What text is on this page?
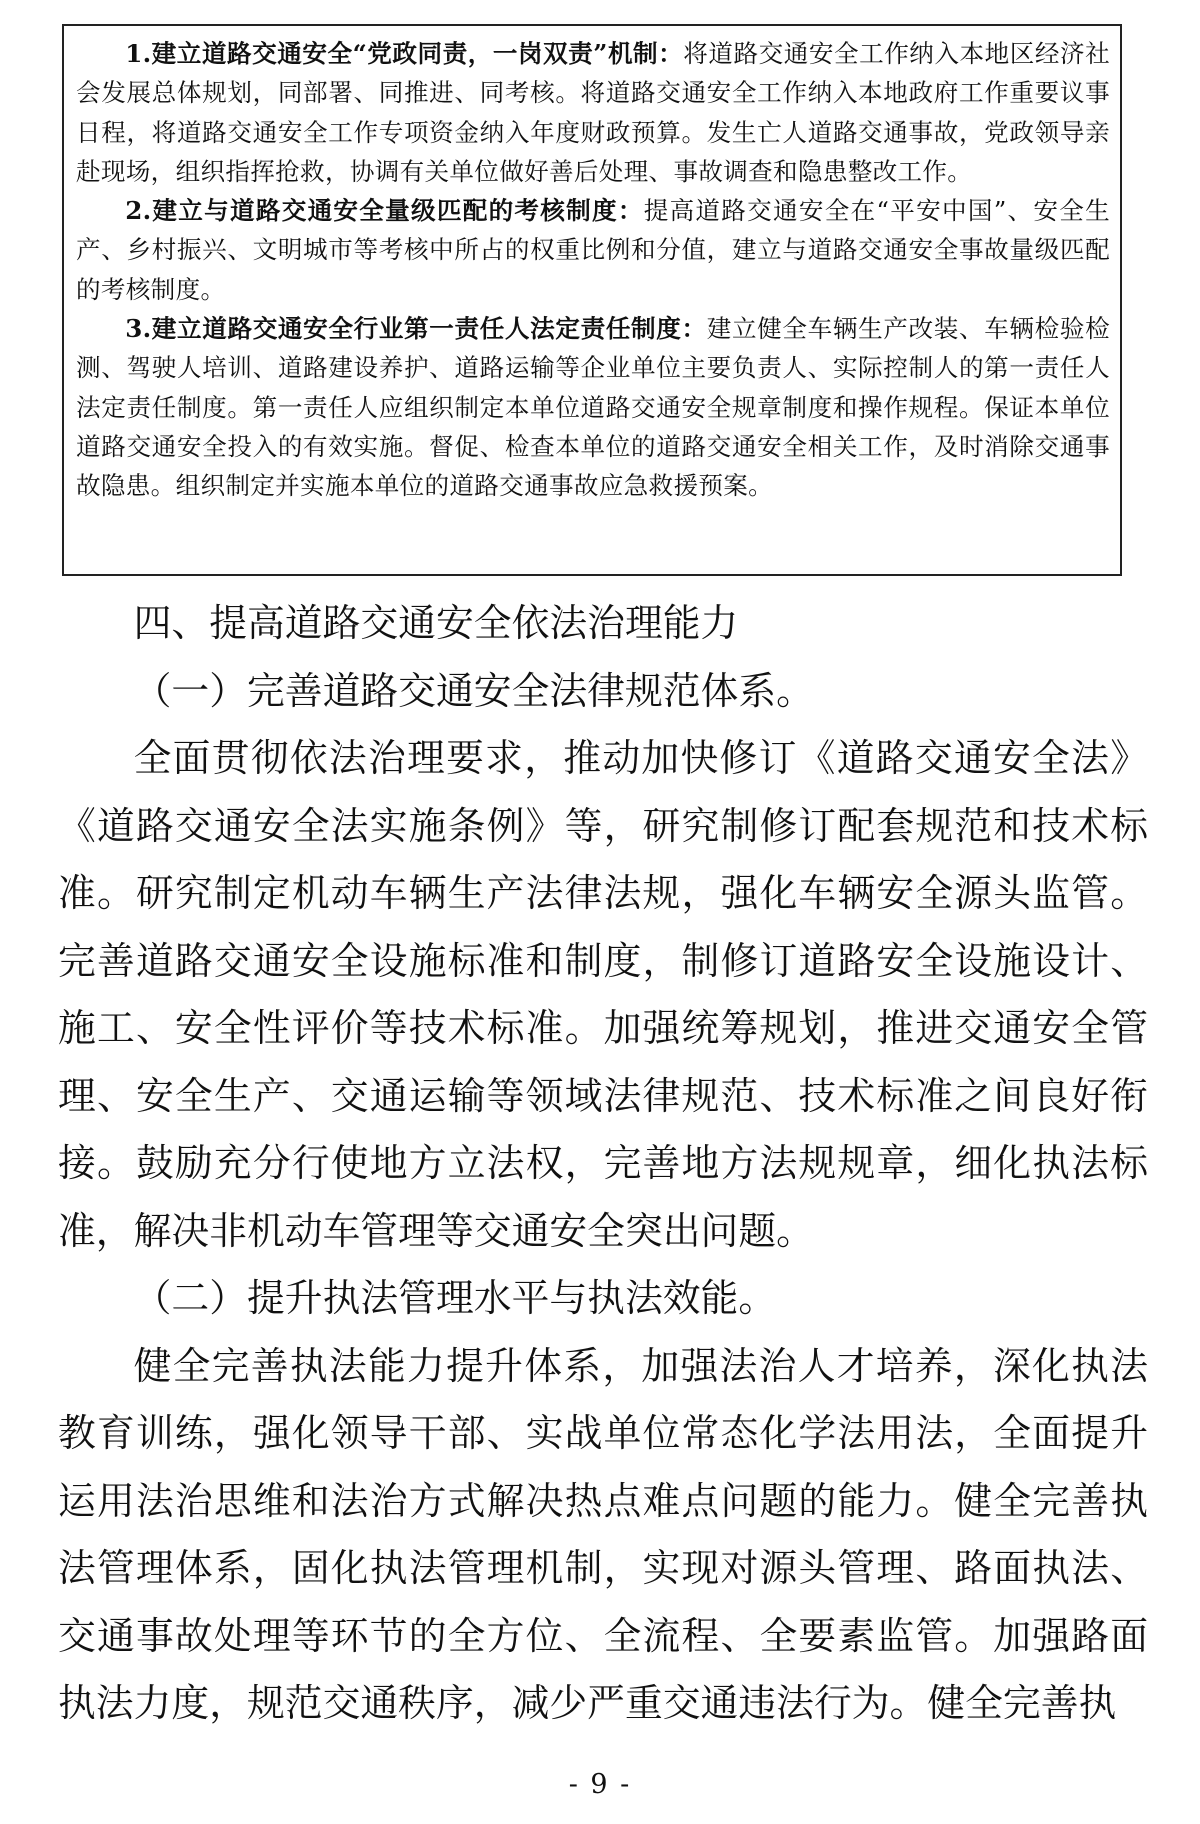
1.建立道路交通安全“党政同责，一岗双责”机制：将道路交通安全工作纳入本地区经济社会发展总体规划，同部署、同推进、同考核。将道路交通安全工作纳入本地政府工作重要议事日程，将道路交通安全工作专项资金纳入年度财政预算。发生亡人道路交通事故，党政领导亲赴现场，组织指挥抢救，协调有关单位做好善后处理、事故调查和隐患整改工作。

2.建立与道路交通安全量级匹配的考核制度：提高道路交通安全在“平安中国”、安全生产、乡村振兴、文明城市等考核中所占的权重比例和分值，建立与道路交通安全事故量级匹配的考核制度。

3.建立道路交通安全行业第一责任人法定责任制度：建立健全车辆生产改装、车辆检验检测、驾驶人培训、道路建设养护、道路运输等企业单位主要负责人、实际控制人的第一责任人法定责任制度。第一责任人应组织制定本单位道路交通安全规章制度和操作规程。保证本单位道路交通安全投入的有效实施。督促、检查本单位的道路交通安全相关工作，及时消除交通事故隐患。组织制定并实施本单位的道路交通事故应急救援预案。

四、提高道路交通安全依法治理能力

（一）完善道路交通安全法律规范体系。

全面贯彻依法治理要求，推动加快修订《道路交通安全法》《道路交通安全法实施条例》等，研究制修订配套规范和技术标准。研究制定机动车辆生产法律法规，强化车辆安全源头监管。完善道路交通安全设施标准和制度，制修订道路安全设施设计、施工、安全性评价等技术标准。加强统筹规划，推进交通安全管理、安全生产、交通运输等领域法律规范、技术标准之间良好衔接。鼓励充分行使地方立法权，完善地方法规规章，细化执法标准，解决非机动车管理等交通安全突出问题。

（二）提升执法管理水平与执法效能。

健全完善执法能力提升体系，加强法治人才培养，深化执法教育训练，强化领导干部、实战单位常态化学法用法，全面提升运用法治思维和法治方式解决热点难点问题的能力。健全完善执法管理体系，固化执法管理机制，实现对源头管理、路面执法、交通事故处理等环节的全方位、全流程、全要素监管。加强路面执法力度，规范交通秩序，减少严重交通违法行为。健全完善执

- 9 -
